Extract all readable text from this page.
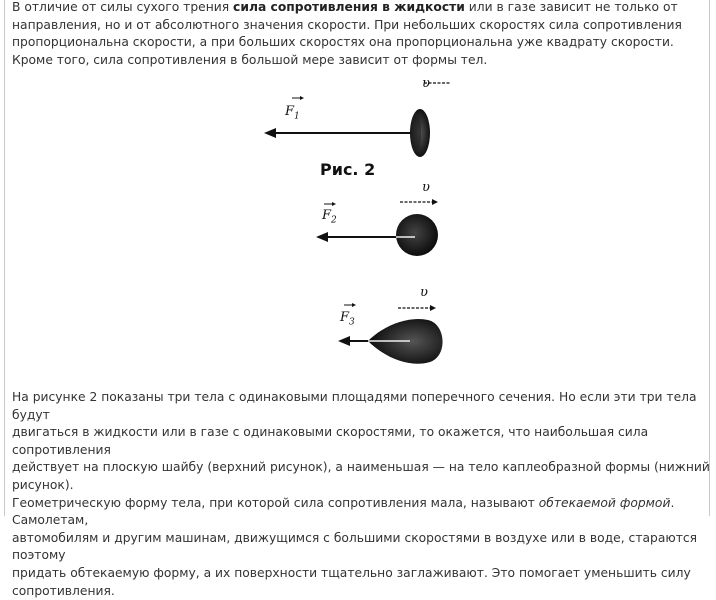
В отличие от силы сухого трения сила сопротивления в жидкости или в газе зависит не только от
направления, но и от абсолютного значения скорости. При небольших скоростях сила сопротивления
пропорциональна скорости, а при больших скоростях она пропорциональна уже квадрату скорости.
Кроме того, сила сопротивления в большой мере зависит от формы тел.
Рис. 2
υ
$F_1$
υ
$F_2$
υ
$F_3$
На рисунке 2 показаны три тела с одинаковыми площадями поперечного сечения. Но если эти три тела будут
двигаться в жидкости или в газе с одинаковыми скоростями, то окажется, что наибольшая сила сопротивления
действует на плоскую шайбу (верхний рисунок), а наименьшая — на тело каплеобразной формы (нижний рисунок).
Геометрическую форму тела, при которой сила сопротивления мала, называют обтекаемой формой. Самолетам,
автомобилям и другим машинам, движущимся с большими скоростями в воздухе или в воде, стараются поэтому
придать обтекаемую форму, а их поверхности тщательно заглаживают. Это помогает уменьшить силу
сопротивления.
